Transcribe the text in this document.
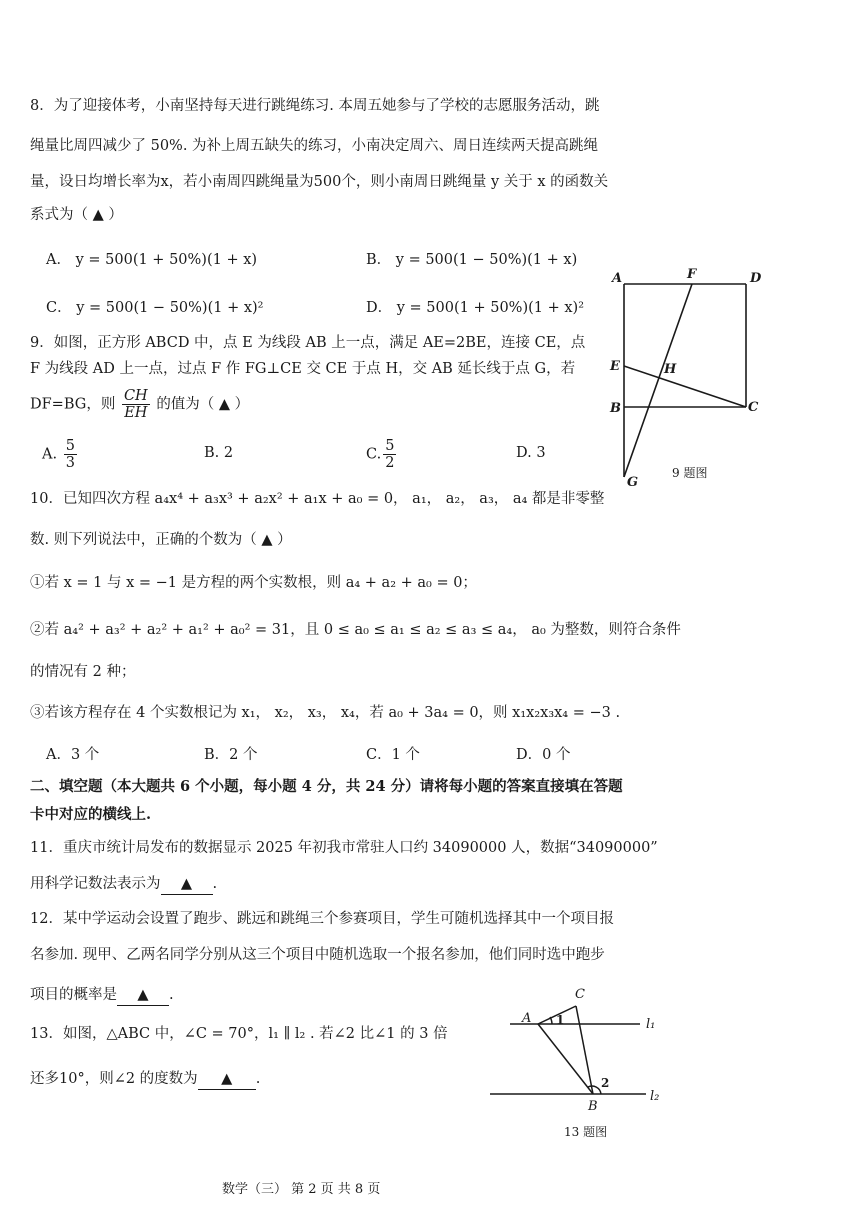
8．为了迎接体考，小南坚持每天进行跳绳练习. 本周五她参与了学校的志愿服务活动，跳
绳量比周四减少了 50%. 为补上周五缺失的练习，小南决定周六、周日连续两天提高跳绳
量，设日均增长率为x，若小南周四跳绳量为500个，则小南周日跳绳量 y 关于 x 的函数关
系式为（ ▲ ）
A． y = 500(1 + 50%)(1 + x)	B． y = 500(1 − 50%)(1 + x)
C． y = 500(1 − 50%)(1 + x)²	D． y = 500(1 + 50%)(1 + x)²
9．如图，正方形 ABCD 中，点 E 为线段 AB 上一点，满足 AE=2BE，连接 CE，点
F 为线段 AD 上一点，过点 F 作 FG⊥CE 交 CE 于点 H，交 AB 延长线于点 G，若
DF=BG，则 $\frac{CH}{EH}$ 的值为（ ▲ ）
A. $\frac{5}{3}$	B. 2	C. $\frac{5}{2}$	D. 3
A	F	D
E	H
B	C
G
9 题图
10．已知四次方程 a₄x⁴ + a₃x³ + a₂x² + a₁x + a₀ = 0， a₁， a₂， a₃， a₄ 都是非零整
数. 则下列说法中，正确的个数为（ ▲ ）
①若 x = 1 与 x = −1 是方程的两个实数根，则 a₄ + a₂ + a₀ = 0；
②若 a₄² + a₃² + a₂² + a₁² + a₀² = 31，且 0 ≤ a₀ ≤ a₁ ≤ a₂ ≤ a₃ ≤ a₄， a₀ 为整数，则符合条件
的情况有 2 种；
③若该方程存在 4 个实数根记为 x₁， x₂， x₃， x₄，若 a₀ + 3a₄ = 0，则 x₁x₂x₃x₄ = −3 .
A．3 个	B．2 个	C．1 个	D．0 个
二、填空题（本大题共 6 个小题，每小题 4 分，共 24 分）请将每小题的答案直接填在答题
卡中对应的横线上.
11．重庆市统计局发布的数据显示 2025 年初我市常驻人口约 34090000 人，数据“34090000”
用科学记数法表示为 ▲ .
12．某中学运动会设置了跑步、跳远和跳绳三个参赛项目，学生可随机选择其中一个项目报
名参加. 现甲、乙两名同学分别从这三个项目中随机选取一个报名参加，他们同时选中跑步
项目的概率是 ▲ .
13．如图，△ABC 中，∠C = 70°，l₁ ∥ l₂ . 若∠2 比∠1 的 3 倍
还多10°，则∠2 的度数为 ▲ .
A
C
B
1
2
l₁
l₂
13 题图
数学（三） 第 2 页 共 8 页
